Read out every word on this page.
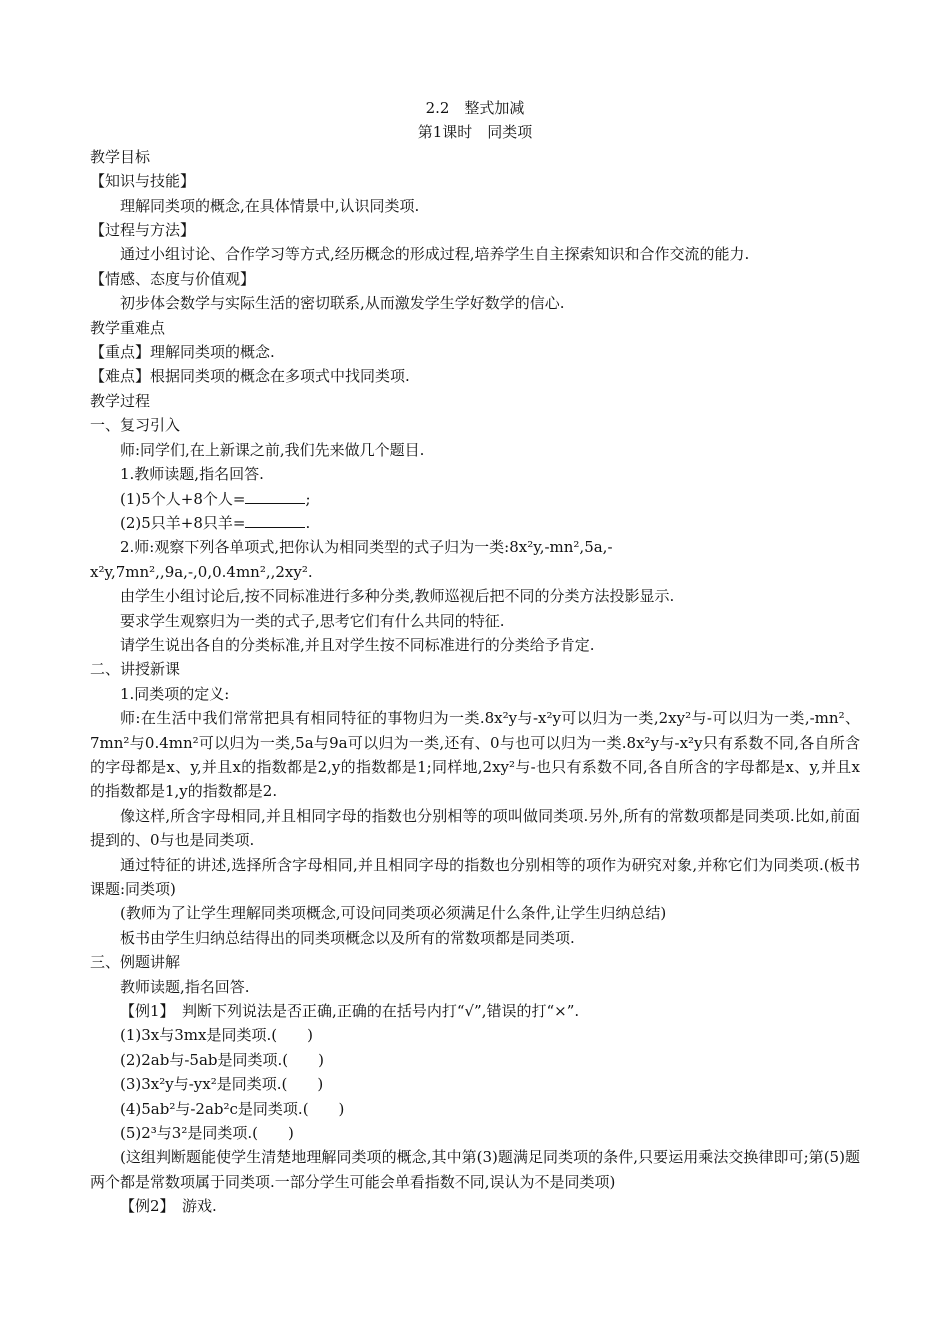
2.2　整式加减
第1课时　同类项
教学目标
【知识与技能】
理解同类项的概念,在具体情景中,认识同类项.
【过程与方法】
通过小组讨论、合作学习等方式,经历概念的形成过程,培养学生自主探索知识和合作交流的能力.
【情感、态度与价值观】
初步体会数学与实际生活的密切联系,从而激发学生学好数学的信心.
教学重难点
【重点】理解同类项的概念.
【难点】根据同类项的概念在多项式中找同类项.
教学过程
一、复习引入
师:同学们,在上新课之前,我们先来做几个题目.
1.教师读题,指名回答.
(1)5个人+8个人=	;
(2)5只羊+8只羊=	.
2.师:观察下列各单项式,把你认为相同类型的式子归为一类:8x²y,-mn²,5a,-
x²y,7mn²,,9a,-,0,0.4mn²,,2xy².
由学生小组讨论后,按不同标准进行多种分类,教师巡视后把不同的分类方法投影显示.
要求学生观察归为一类的式子,思考它们有什么共同的特征.
请学生说出各自的分类标准,并且对学生按不同标准进行的分类给予肯定.
二、讲授新课
1.同类项的定义:
师:在生活中我们常常把具有相同特征的事物归为一类.8x²y与-x²y可以归为一类,2xy²与-可以归为一类,-mn²、7mn²与0.4mn²可以归为一类,5a与9a可以归为一类,还有、0与也可以归为一类.8x²y与-x²y只有系数不同,各自所含的字母都是x、y,并且x的指数都是2,y的指数都是1;同样地,2xy²与-也只有系数不同,各自所含的字母都是x、y,并且x的指数都是1,y的指数都是2.
像这样,所含字母相同,并且相同字母的指数也分别相等的项叫做同类项.另外,所有的常数项都是同类项.比如,前面提到的、0与也是同类项.
通过特征的讲述,选择所含字母相同,并且相同字母的指数也分别相等的项作为研究对象,并称它们为同类项.(板书课题:同类项)
(教师为了让学生理解同类项概念,可设问同类项必须满足什么条件,让学生归纳总结)
板书由学生归纳总结得出的同类项概念以及所有的常数项都是同类项.
三、例题讲解
教师读题,指名回答.
【例1】　判断下列说法是否正确,正确的在括号内打“√”,错误的打“×”.
(1)3x与3mx是同类项.(　　)
(2)2ab与-5ab是同类项.(　　)
(3)3x²y与-yx²是同类项.(　　)
(4)5ab²与-2ab²c是同类项.(　　)
(5)2³与3²是同类项.(　　)
(这组判断题能使学生清楚地理解同类项的概念,其中第(3)题满足同类项的条件,只要运用乘法交换律即可;第(5)题两个都是常数项属于同类项.一部分学生可能会单看指数不同,误认为不是同类项)
【例2】　游戏.
